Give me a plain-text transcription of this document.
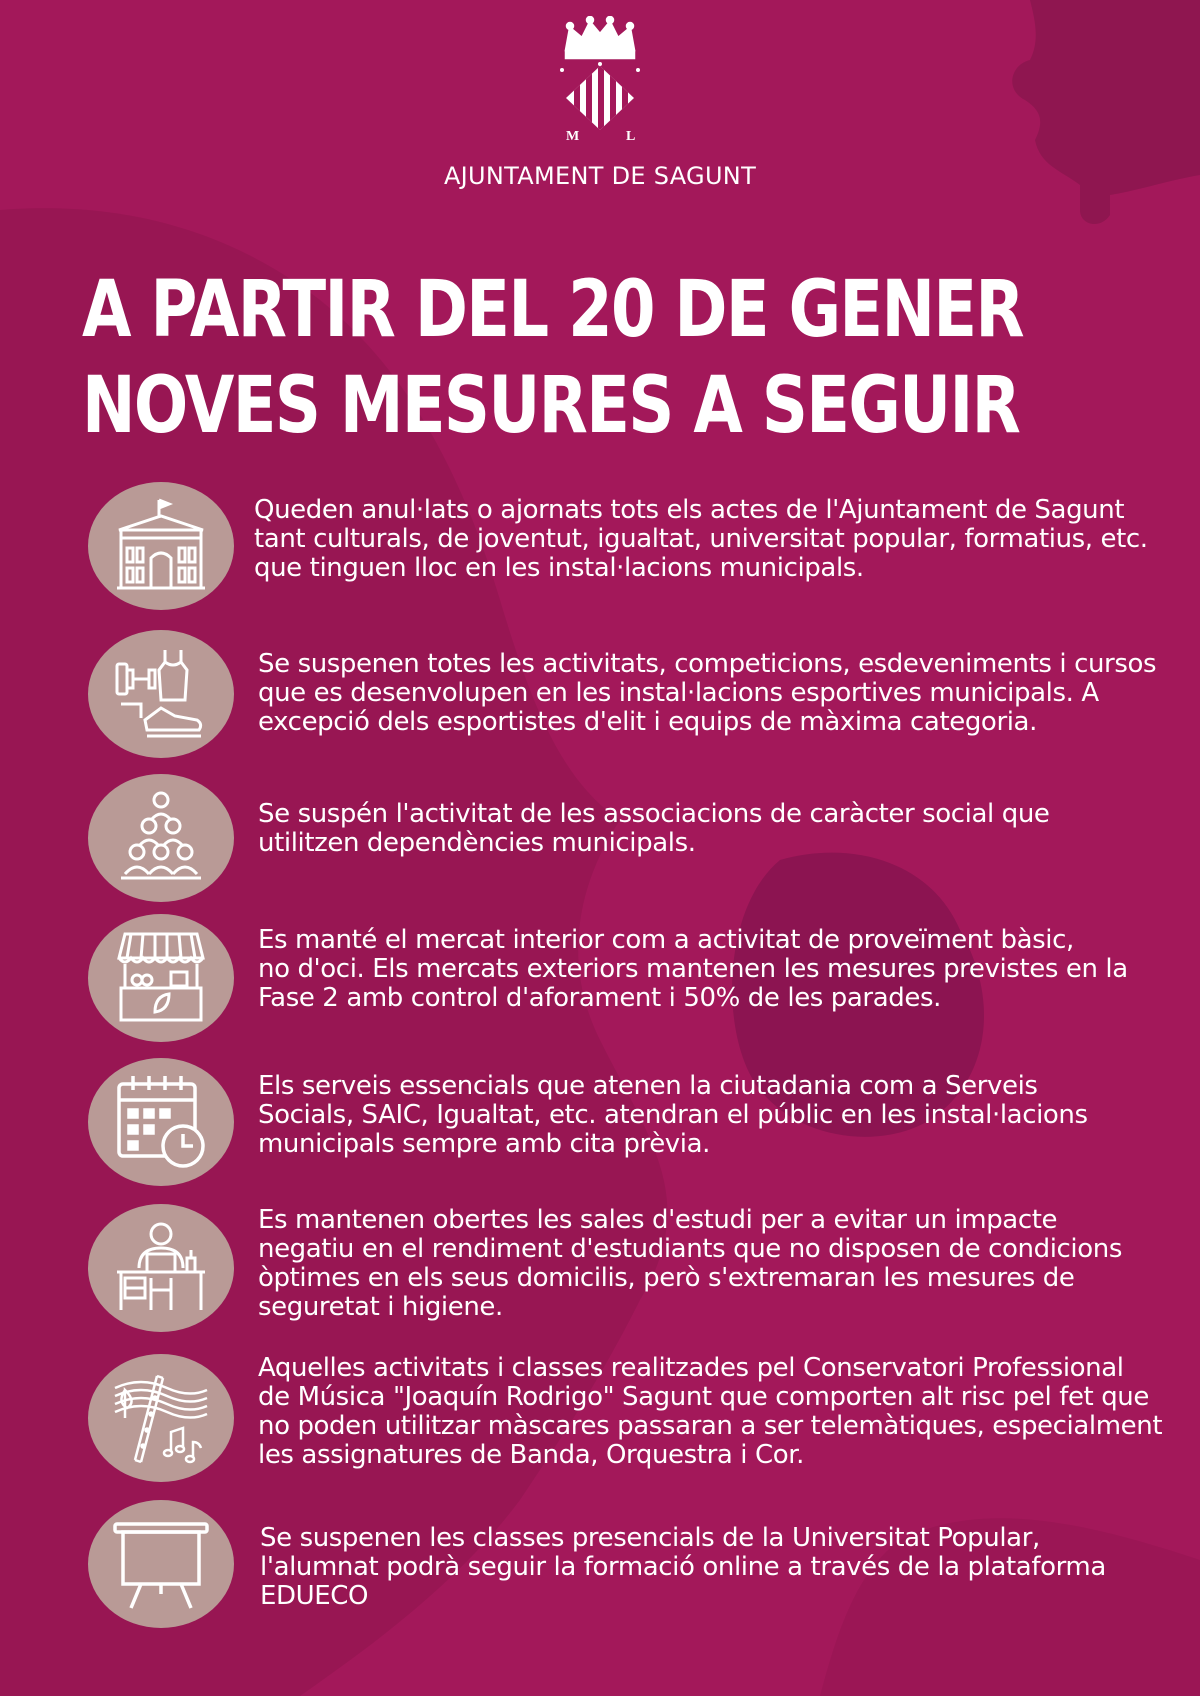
M	L
AJUNTAMENT DE SAGUNT
A PARTIR DEL 20 DE GENER
NOVES MESURES A SEGUIR
Queden anul·lats o ajornats tots els actes de l'Ajuntament de Sagunt
tant culturals, de joventut, igualtat, universitat popular, formatius, etc.
que tinguen lloc en les instal·lacions municipals.
Se suspenen totes les activitats, competicions, esdeveniments i cursos
que es desenvolupen en les instal·lacions esportives municipals. A
excepció dels esportistes d'elit i equips de màxima categoria.
Se suspén l'activitat de les associacions de caràcter social que
utilitzen dependències municipals.
Es manté el mercat interior com a activitat de proveïment bàsic,
no d'oci. Els mercats exteriors mantenen les mesures previstes en la
Fase 2 amb control d'aforament i 50% de les parades.
Els serveis essencials que atenen la ciutadania com a Serveis
Socials, SAIC, Igualtat, etc. atendran el públic en les instal·lacions
municipals sempre amb cita prèvia.
Es mantenen obertes les sales d'estudi per a evitar un impacte
negatiu en el rendiment d'estudiants que no disposen de condicions
òptimes en els seus domicilis, però s'extremaran les mesures de
seguretat i higiene.
Aquelles activitats i classes realitzades pel Conservatori Professional
de Música "Joaquín Rodrigo" Sagunt que comporten alt risc pel fet que
no poden utilitzar màscares passaran a ser telemàtiques, especialment
les assignatures de Banda, Orquestra i Cor.
Se suspenen les classes presencials de la Universitat Popular,
l'alumnat podrà seguir la formació online a través de la plataforma
EDUECO
